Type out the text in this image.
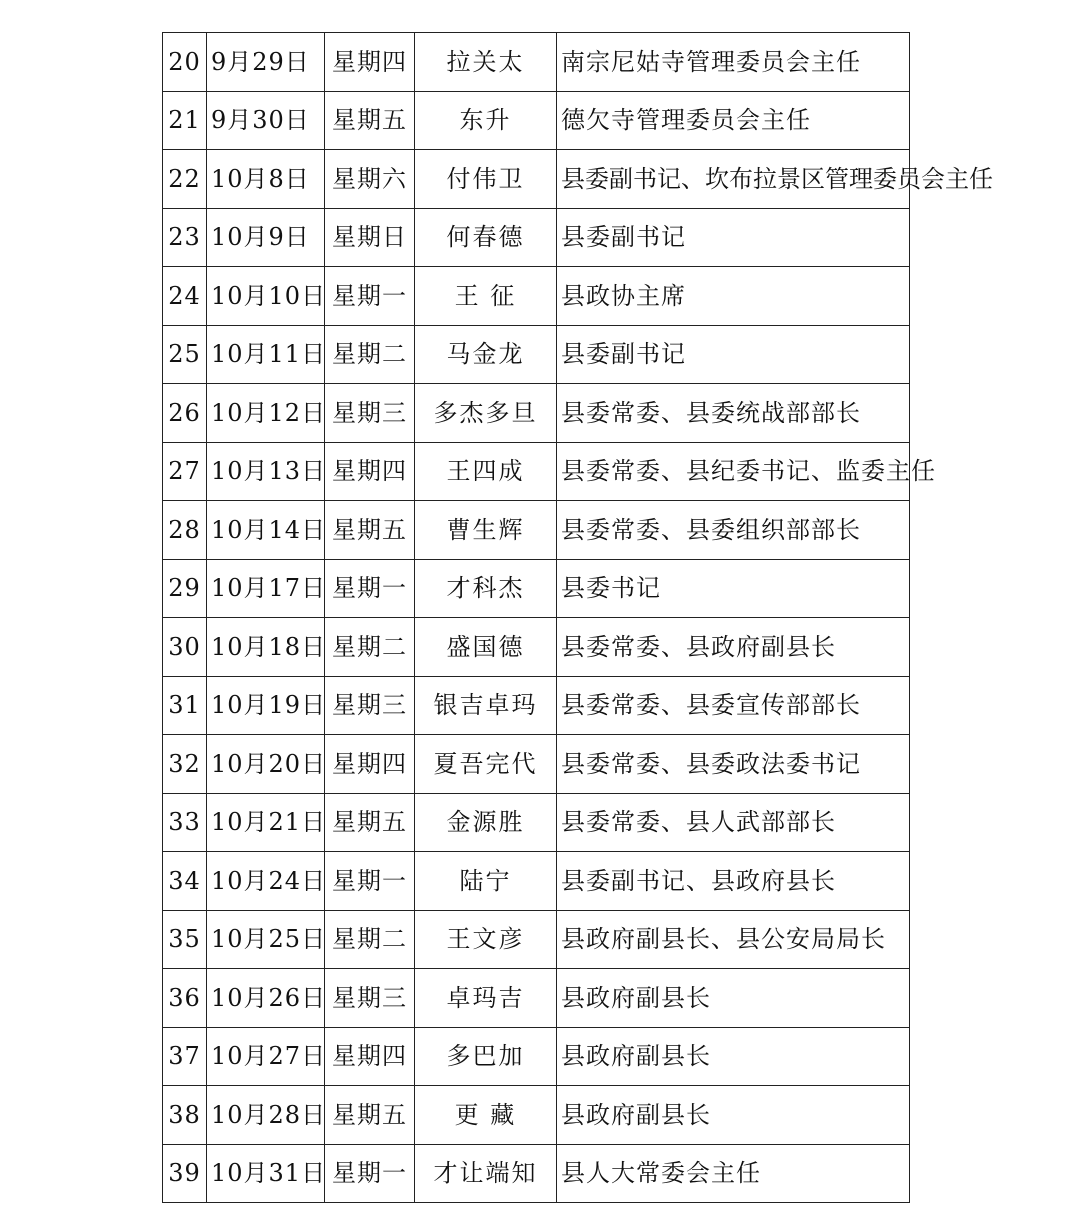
20	9月29日	星期四	拉关太	南宗尼姑寺管理委员会主任
21	9月30日	星期五	东升	德欠寺管理委员会主任
22	10月8日	星期六	付伟卫	县委副书记、坎布拉景区管理委员会主任
23	10月9日	星期日	何春德	县委副书记
24	10月10日	星期一	王 征	县政协主席
25	10月11日	星期二	马金龙	县委副书记
26	10月12日	星期三	多杰多旦	县委常委、县委统战部部长
27	10月13日	星期四	王四成	县委常委、县纪委书记、监委主任
28	10月14日	星期五	曹生辉	县委常委、县委组织部部长
29	10月17日	星期一	才科杰	县委书记
30	10月18日	星期二	盛国德	县委常委、县政府副县长
31	10月19日	星期三	银吉卓玛	县委常委、县委宣传部部长
32	10月20日	星期四	夏吾完代	县委常委、县委政法委书记
33	10月21日	星期五	金源胜	县委常委、县人武部部长
34	10月24日	星期一	陆宁	县委副书记、县政府县长
35	10月25日	星期二	王文彦	县政府副县长、县公安局局长
36	10月26日	星期三	卓玛吉	县政府副县长
37	10月27日	星期四	多巴加	县政府副县长
38	10月28日	星期五	更 藏	县政府副县长
39	10月31日	星期一	才让端知	县人大常委会主任
